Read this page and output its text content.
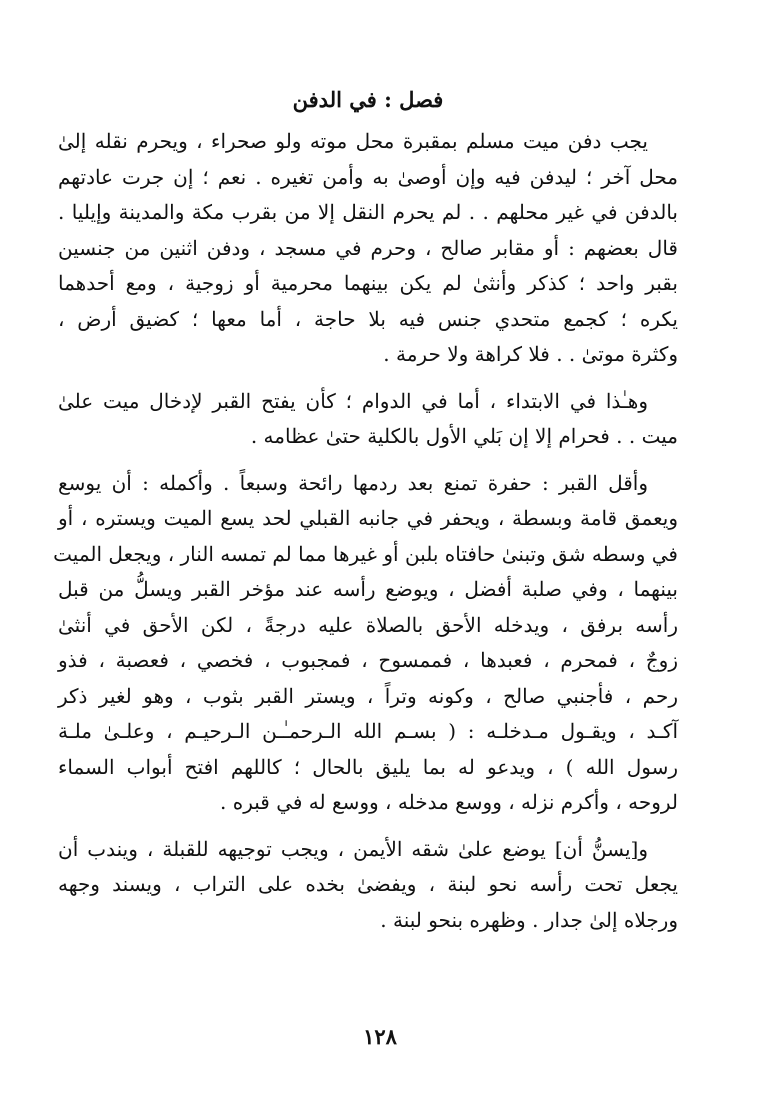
فصل : في الدفن
يجب دفن ميت مسلم بمقبرة محل موته ولو صحراء ، ويحرم نقله إلىٰ
محل آخر ؛ ليدفن فيه وإن أوصىٰ به وأمن تغيره . نعم ؛ إن جرت عادتهم
بالدفن في غير محلهم . . لم يحرم النقل إلا من بقرب مكة والمدينة وإيليا .
قال بعضهم : أو مقابر صالح ، وحرم في مسجد ، ودفن اثنين من جنسين
بقبر واحد ؛ كذكر وأنثىٰ لم يكن بينهما محرمية أو زوجية ، ومع أحدهما
يكره ؛ كجمع متحدي جنس فيه بلا حاجة ، أما معها ؛ كضيق أرض ،
وكثرة موتىٰ . . فلا كراهة ولا حرمة .
وهـٰذا في الابتداء ، أما في الدوام ؛ كأن يفتح القبر لإدخال ميت علىٰ
ميت . . فحرام إلا إن بَلي الأول بالكلية حتىٰ عظامه .
وأقل القبر : حفرة تمنع بعد ردمها رائحة وسبعاً . وأكمله : أن يوسع
ويعمق قامة وبسطة ، ويحفر في جانبه القبلي لحد يسع الميت ويستره ، أو
في وسطه شق وتبنىٰ حافتاه بلبن أو غيرها مما لم تمسه النار ، ويجعل الميت
بينهما ، وفي صلبة أفضل ، ويوضع رأسه عند مؤخر القبر ويسلُّ من قبل
رأسه برفق ، ويدخله الأحق بالصلاة عليه درجةً ، لكن الأحق في أنثىٰ
زوجٌ ، فمحرم ، فعبدها ، فممسوح ، فمجبوب ، فخصي ، فعصبة ، فذو
رحم ، فأجنبي صالح ، وكونه وتراً ، ويستر القبر بثوب ، وهو لغير ذكر
آكـد ، ويقـول مـدخلـه : ( بسـم الله الـرحمـٰـن الـرحيـم ، وعلـىٰ ملـة
رسول الله ) ، ويدعو له بما يليق بالحال ؛ كاللهم افتح أبواب السماء
لروحه ، وأكرم نزله ، ووسع مدخله ، ووسع له في قبره .
و[يسنُّ أن] يوضع علىٰ شقه الأيمن ، ويجب توجيهه للقبلة ، ويندب أن
يجعل تحت رأسه نحو لبنة ، ويفضىٰ بخده على التراب ، ويسند وجهه
ورجلاه إلىٰ جدار . وظهره بنحو لبنة .
١٢٨
